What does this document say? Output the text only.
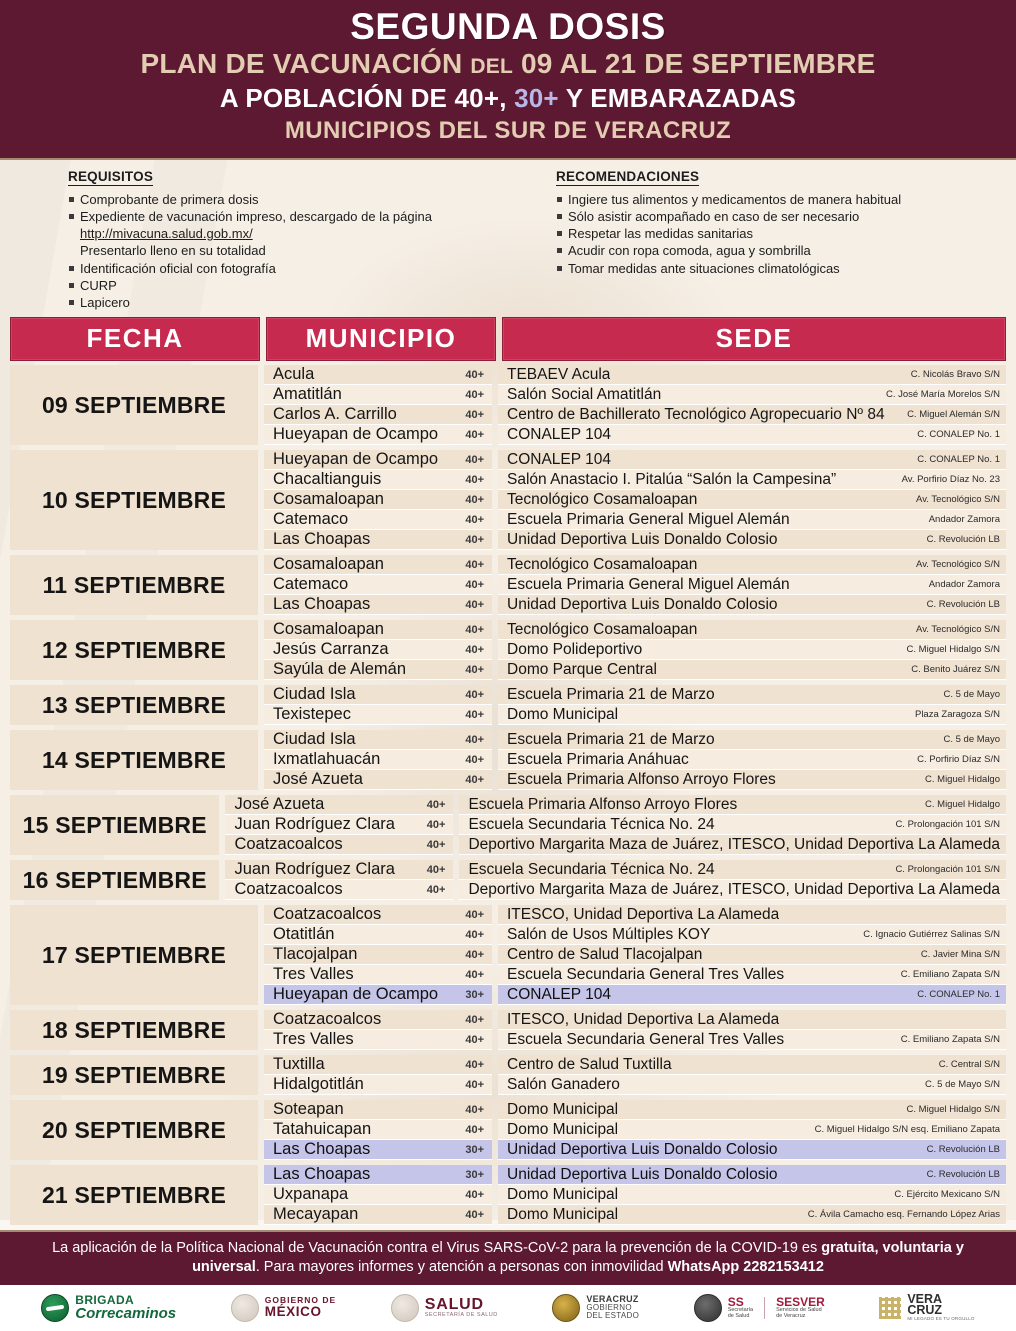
SEGUNDA DOSIS
PLAN DE VACUNACIÓN DEL 09 AL 21 DE SEPTIEMBRE
A POBLACIÓN DE 40+, 30+ Y EMBARAZADAS
MUNICIPIOS DEL SUR DE VERACRUZ
REQUISITOS
Comprobante de primera dosis
Expediente de vacunación impreso, descargado de la página
http://mivacuna.salud.gob.mx/
Presentarlo lleno en su totalidad
Identificación oficial con fotografía
CURP
Lapicero
RECOMENDACIONES
Ingiere tus alimentos y medicamentos de manera habitual
Sólo asistir acompañado en caso de ser necesario
Respetar las medidas sanitarias
Acudir con ropa comoda, agua y sombrilla
Tomar medidas ante situaciones climatológicas
FECHA	MUNICIPIO	SEDE
09 SEPTIEMBRE
Acula	40+ TEBAEV Acula	C. Nicolás Bravo S/N
Amatitlán	40+ Salón Social Amatitlán	C. José María Morelos S/N
Carlos A. Carrillo	40+ Centro de Bachillerato Tecnológico Agropecuario Nº 84	C. Miguel Alemán S/N
Hueyapan de Ocampo	40+ CONALEP 104	C. CONALEP No. 1
10 SEPTIEMBRE
Hueyapan de Ocampo	40+ CONALEP 104	C. CONALEP No. 1
Chacaltianguis	40+ Salón Anastacio I. Pitalúa “Salón la Campesina”	Av. Porfirio Díaz No. 23
Cosamaloapan	40+ Tecnológico Cosamaloapan	Av. Tecnológico S/N
Catemaco	40+ Escuela Primaria General Miguel Alemán	Andador Zamora
Las Choapas	40+ Unidad Deportiva Luis Donaldo Colosio	C. Revolución LB
11 SEPTIEMBRE
Cosamaloapan	40+ Tecnológico Cosamaloapan	Av. Tecnológico S/N
Catemaco	40+ Escuela Primaria General Miguel Alemán	Andador Zamora
Las Choapas	40+ Unidad Deportiva Luis Donaldo Colosio	C. Revolución LB
12 SEPTIEMBRE
Cosamaloapan	40+ Tecnológico Cosamaloapan	Av. Tecnológico S/N
Jesús Carranza	40+ Domo Polideportivo	C. Miguel Hidalgo S/N
Sayúla de Alemán	40+ Domo Parque Central	C. Benito Juárez S/N
13 SEPTIEMBRE	Ciudad Isla	40+ Escuela Primaria 21 de Marzo	C. 5 de Mayo
Texistepec	40+ Domo Municipal	Plaza Zaragoza S/N
14 SEPTIEMBRE
Ciudad Isla	40+ Escuela Primaria 21 de Marzo	C. 5 de Mayo
Ixmatlahuacán	40+ Escuela Primaria Anáhuac	C. Porfirio Díaz S/N
José Azueta	40+ Escuela Primaria Alfonso Arroyo Flores	C. Miguel Hidalgo
15 SEPTIEMBRE
José Azueta	40+ Escuela Primaria Alfonso Arroyo Flores	C. Miguel Hidalgo
Juan Rodríguez Clara	40+ Escuela Secundaria Técnica No. 24	C. Prolongación 101 S/N
Coatzacoalcos	40+ Deportivo Margarita Maza de Juárez, ITESCO, Unidad Deportiva La Alameda
16 SEPTIEMBRE	Juan Rodríguez Clara	40+ Escuela Secundaria Técnica No. 24	C. Prolongación 101 S/N
Coatzacoalcos	40+ Deportivo Margarita Maza de Juárez, ITESCO, Unidad Deportiva La Alameda
17 SEPTIEMBRE
Coatzacoalcos	40+ ITESCO, Unidad Deportiva La Alameda
Otatitlán	40+ Salón de Usos Múltiples KOY	C. Ignacio Gutiérrez Salinas S/N
Tlacojalpan	40+ Centro de Salud Tlacojalpan	C. Javier Mina S/N
Tres Valles	40+ Escuela Secundaria General Tres Valles	C. Emiliano Zapata S/N
Hueyapan de Ocampo	30+ CONALEP 104	C. CONALEP No. 1
18 SEPTIEMBRE	Coatzacoalcos	40+ ITESCO, Unidad Deportiva La Alameda
Tres Valles	40+ Escuela Secundaria General Tres Valles	C. Emiliano Zapata S/N
19 SEPTIEMBRE	Tuxtilla	40+ Centro de Salud Tuxtilla	C. Central S/N
Hidalgotitlán	40+ Salón Ganadero	C. 5 de Mayo S/N
20 SEPTIEMBRE
Soteapan	40+ Domo Municipal	C. Miguel Hidalgo S/N
Tatahuicapan	40+ Domo Municipal	C. Miguel Hidalgo S/N esq. Emiliano Zapata
Las Choapas	30+ Unidad Deportiva Luis Donaldo Colosio	C. Revolución LB
21 SEPTIEMBRE
Las Choapas	30+ Unidad Deportiva Luis Donaldo Colosio	C. Revolución LB
Uxpanapa	40+ Domo Municipal	C. Ejército Mexicano S/N
Mecayapan	40+ Domo Municipal	C. Ávila Camacho esq. Fernando López Arias
La aplicación de la Política Nacional de Vacunación contra el Virus SARS-CoV-2 para la prevención de la COVID-19 es gratuita, voluntaria y universal. Para mayores informes y atención a personas con inmovilidad WhatsApp 2282153412
BRIGADA
Correcaminos
GOBIERNO DE
MÉXICO	SALUD
SECRETARÍA DE SALUD
VERACRUZ
GOBIERNO
DEL ESTADO
SS
Secretaría
de Salud
SESVER
Servicios de Salud
de Veracruz
VERA
CRUZ
MI LEGADO ES TU ORGULLO
